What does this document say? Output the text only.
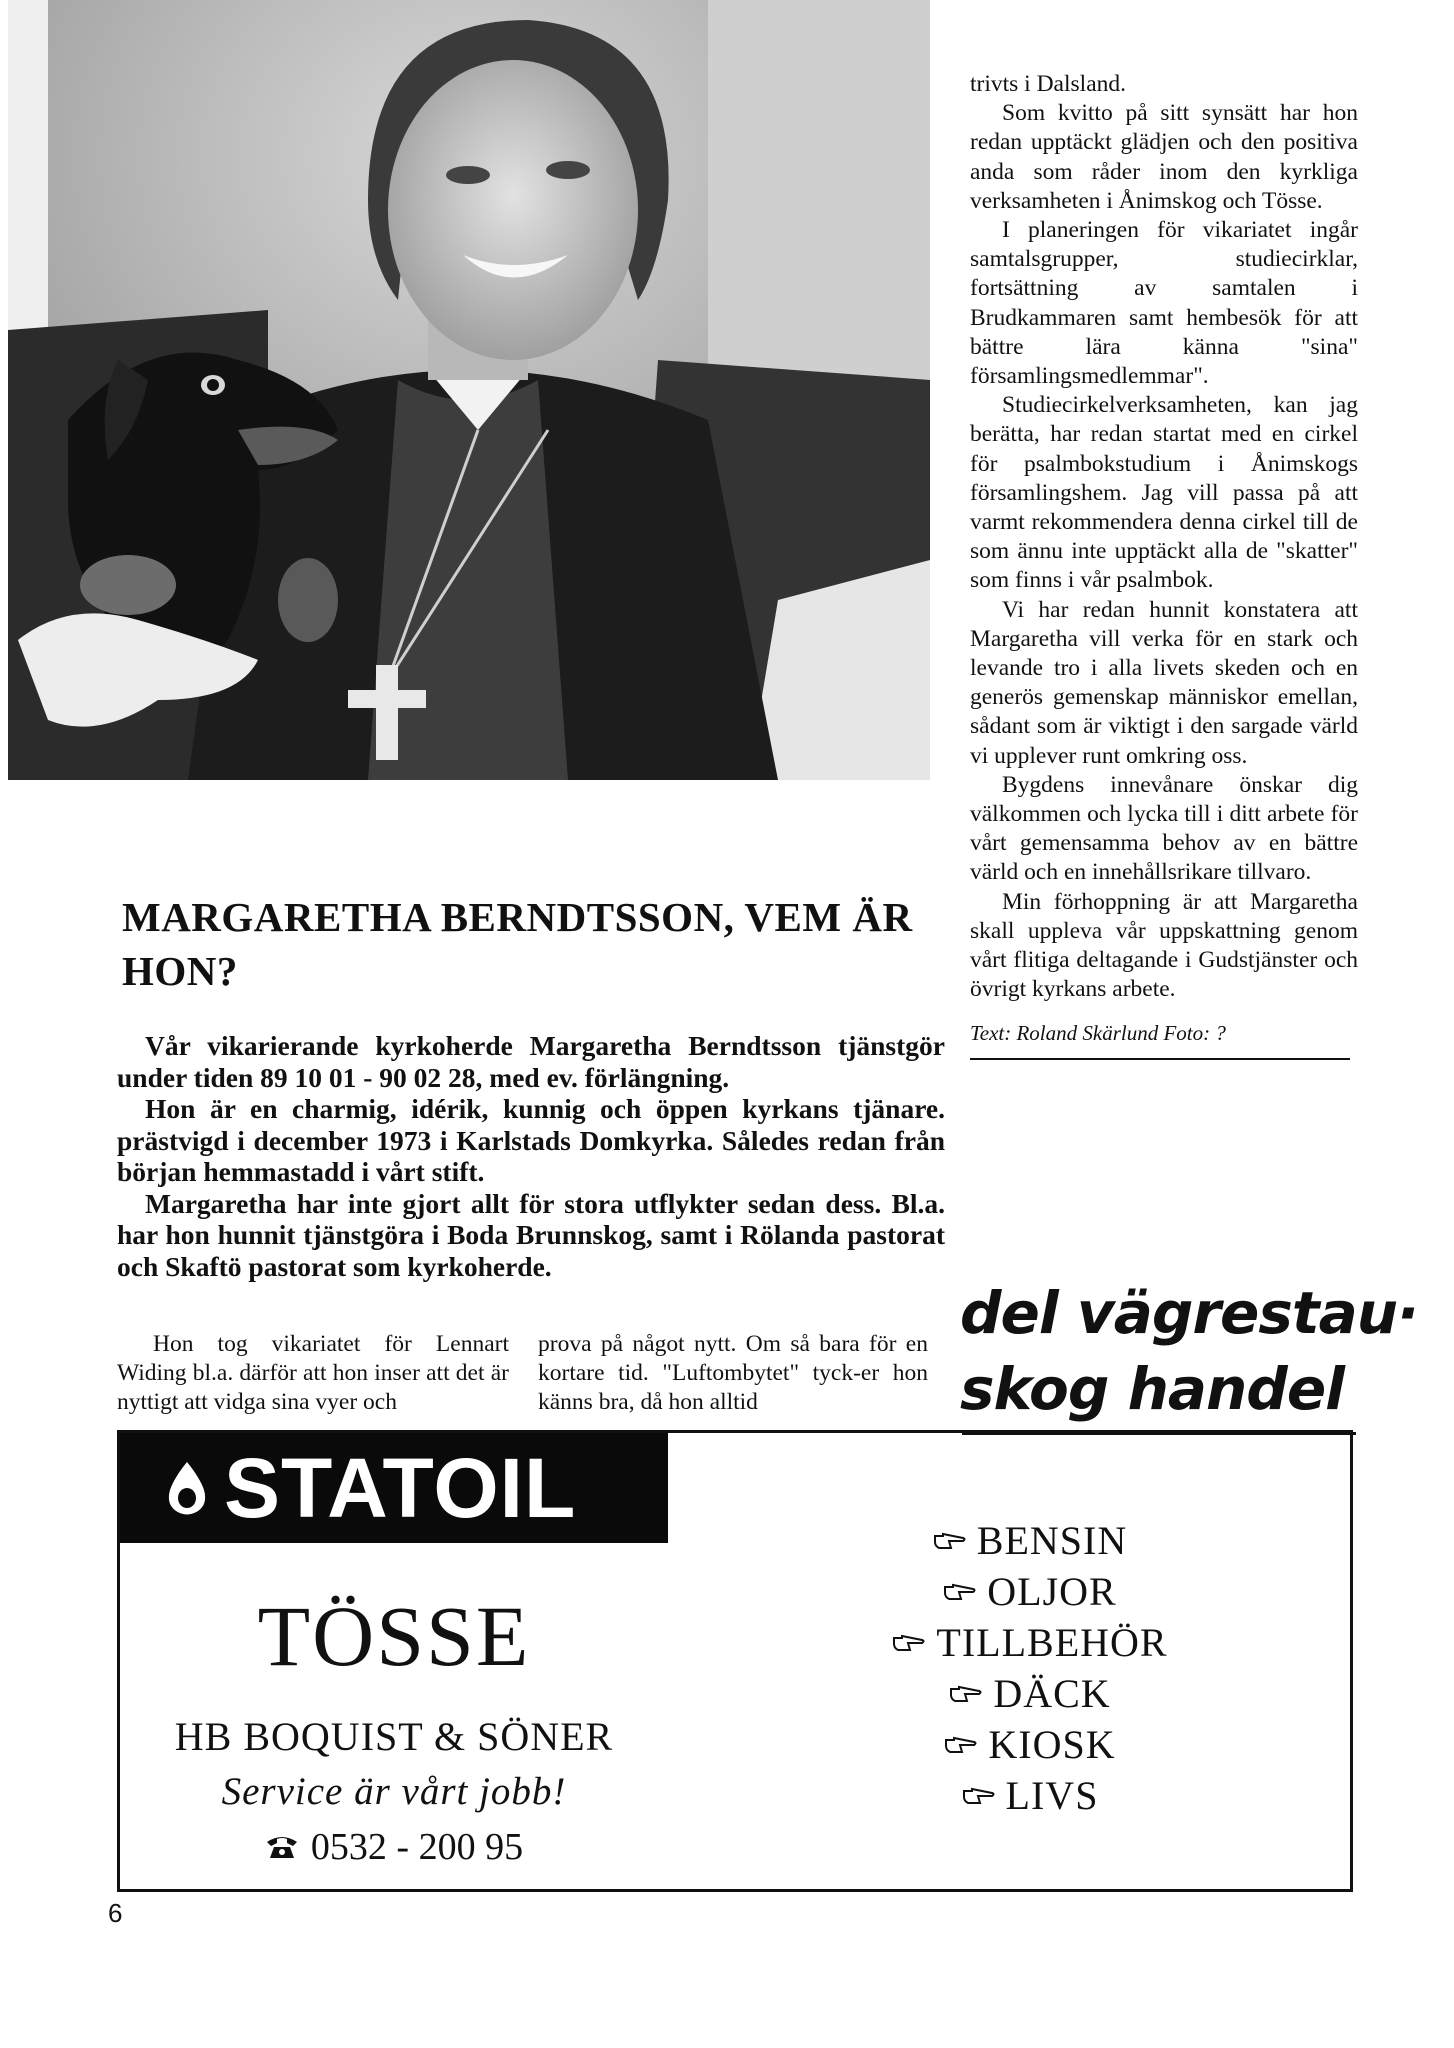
trivts i Dalsland.

Som kvitto på sitt synsätt har hon redan upptäckt glädjen och den positiva anda som råder inom den kyrkliga verksamheten i Ånimskog och Tösse.

I planeringen för vikariatet ingår samtalsgrupper, studiecirklar, fortsättning av samtalen i Brudkammaren samt hembesök för att bättre lära känna "sina" församlingsmedlemmar".

Studiecirkelverksamheten, kan jag berätta, har redan startat med en cirkel för psalmbokstudium i Ånimskogs församlingshem. Jag vill passa på att varmt rekommendera denna cirkel till de som ännu inte upptäckt alla de "skatter" som finns i vår psalmbok.

Vi har redan hunnit konstatera att Margaretha vill verka för en stark och levande tro i alla livets skeden och en generös gemenskap människor emellan, sådant som är viktigt i den sargade värld vi upplever runt omkring oss.

Bygdens innevånare önskar dig välkommen och lycka till i ditt arbete för vårt gemensamma behov av en bättre värld och en innehållsrikare tillvaro.

Min förhoppning är att Margaretha skall uppleva vår uppskattning genom vårt flitiga deltagande i Gudstjänster och övrigt kyrkans arbete.

Text: Roland Skärlund Foto: ?

del vägrestau·
skog handel
MARGARETHA BERNDTSSON, VEM ÄR HON?

Vår vikarierande kyrkoherde Margaretha Berndtsson tjänstgör under tiden 89 10 01 - 90 02 28, med ev. förlängning.

Hon är en charmig, idérik, kunnig och öppen kyrkans tjänare. prästvigd i december 1973 i Karlstads Domkyrka. Således redan från början hemmastadd i vårt stift.

Margaretha har inte gjort allt för stora utflykter sedan dess. Bl.a. har hon hunnit tjänstgöra i Boda Brunnskog, samt i Rölanda pastorat och Skaftö pastorat som kyrkoherde.

Hon tog vikariatet för Lennart Widing bl.a. därför att hon inser att det är nyttigt att vidga sina vyer och

prova på något nytt. Om så bara för en kortare tid. "Luftombytet" tyck-er hon känns bra, då hon alltid

STATOIL
TÖSSE
HB BOQUIST & SÖNER
Service är vårt jobb!
0532 - 200 95
BENSIN
OLJOR
TILLBEHÖR
DÄCK
KIOSK
LIVS
6
